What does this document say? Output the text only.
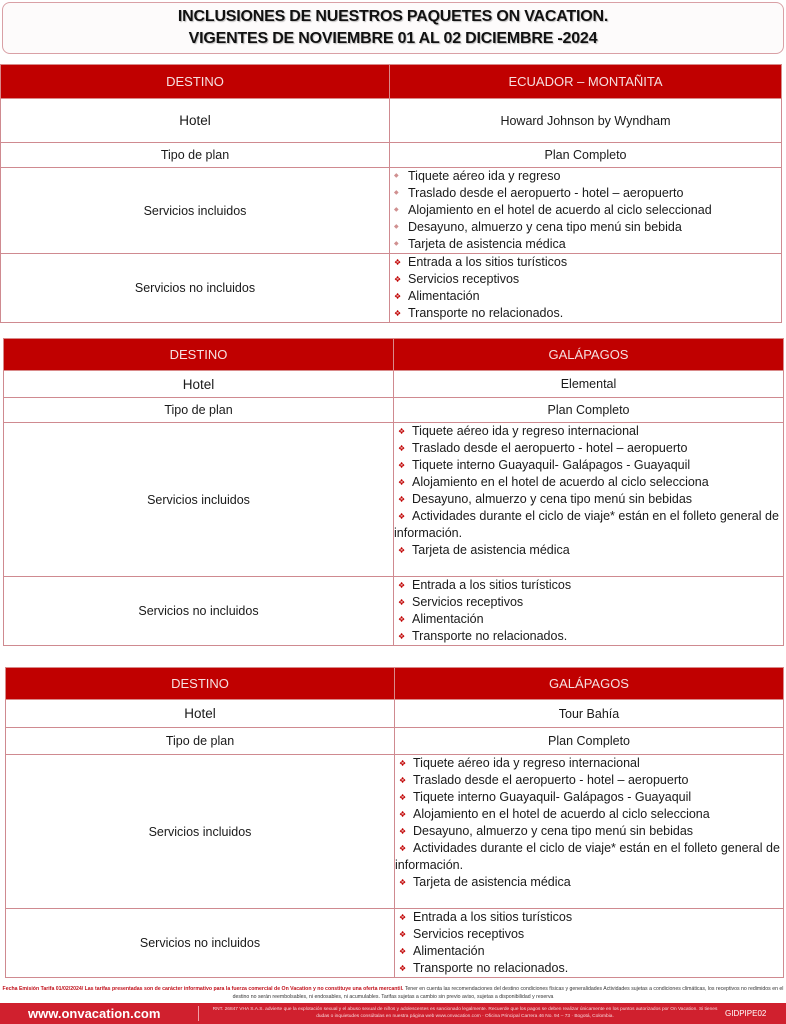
INCLUSIONES DE NUESTROS PAQUETES ON VACATION.
VIGENTES DE NOVIEMBRE 01 AL 02 DICIEMBRE -2024
DESTINO	ECUADOR – MONTAÑITA
Hotel	Howard Johnson by Wyndham
Tipo de plan	Plan Completo
Servicios incluidos	
◆ Tiquete aéreo ida y regreso
◆ Traslado desde el aeropuerto - hotel – aeropuerto
◆ Alojamiento en el hotel de acuerdo al ciclo seleccionad
◆ Desayuno, almuerzo y cena tipo menú sin bebida
◆ Tarjeta de asistencia médica

Servicios no incluidos	
❖ Entrada a los sitios turísticos
❖ Servicios receptivos
❖ Alimentación
❖ Transporte no relacionados.
DESTINO	GALÁPAGOS
Hotel	Elemental
Tipo de plan	Plan Completo
Servicios incluidos	
❖ Tiquete aéreo ida y regreso internacional
❖ Traslado desde el aeropuerto - hotel – aeropuerto
❖ Tiquete interno Guayaquil- Galápagos - Guayaquil
❖ Alojamiento en el hotel de acuerdo al ciclo selecciona
❖ Desayuno, almuerzo y cena tipo menú sin bebidas
❖ Actividades durante el ciclo de viaje* están en el folleto general de información.
❖ Tarjeta de asistencia médica

Servicios no incluidos	
❖ Entrada a los sitios turísticos
❖ Servicios receptivos
❖ Alimentación
❖ Transporte no relacionados.
DESTINO	GALÁPAGOS
Hotel	Tour Bahía
Tipo de plan	Plan Completo
Servicios incluidos	
❖ Tiquete aéreo ida y regreso internacional
❖ Traslado desde el aeropuerto - hotel – aeropuerto
❖ Tiquete interno Guayaquil- Galápagos - Guayaquil
❖ Alojamiento en el hotel de acuerdo al ciclo selecciona
❖ Desayuno, almuerzo y cena tipo menú sin bebidas
❖ Actividades durante el ciclo de viaje* están en el folleto general de información.
❖ Tarjeta de asistencia médica

Servicios no incluidos	
❖ Entrada a los sitios turísticos
❖ Servicios receptivos
❖ Alimentación
❖ Transporte no relacionados.
Fecha Emisión Tarifa 01/02/2024/ Las tarifas presentadas son de carácter informativo para la fuerza comercial de On Vacation y no constituye una oferta mercantil. Tener en cuenta las recomendaciones del destino condiciones físicas y generalidades Actividades sujetas a condiciones climáticas, los receptivos no redimidos en el destino no serán reembolsables, ni endosables, ni acumulables. Tarifas sujetas a cambio sin previo aviso, sujetas a disponibilidad y reserva
www.onvacation.com	RNT. 26847 VHA S.A.S. advierte que la explotación sexual y el abuso sexual de niños y adolescentes es sancionado legalmente. Recuerde que los pagos se deben realizar únicamente en los puntos autorizados por On Vacation. Si tienes dudas o inquietudes consúltalas en nuestra página web www.onvacation.com · Oficina Principal Carrera 46 No. 94 – 73 · Bogotá, Colombia.	GIDPIPE02
